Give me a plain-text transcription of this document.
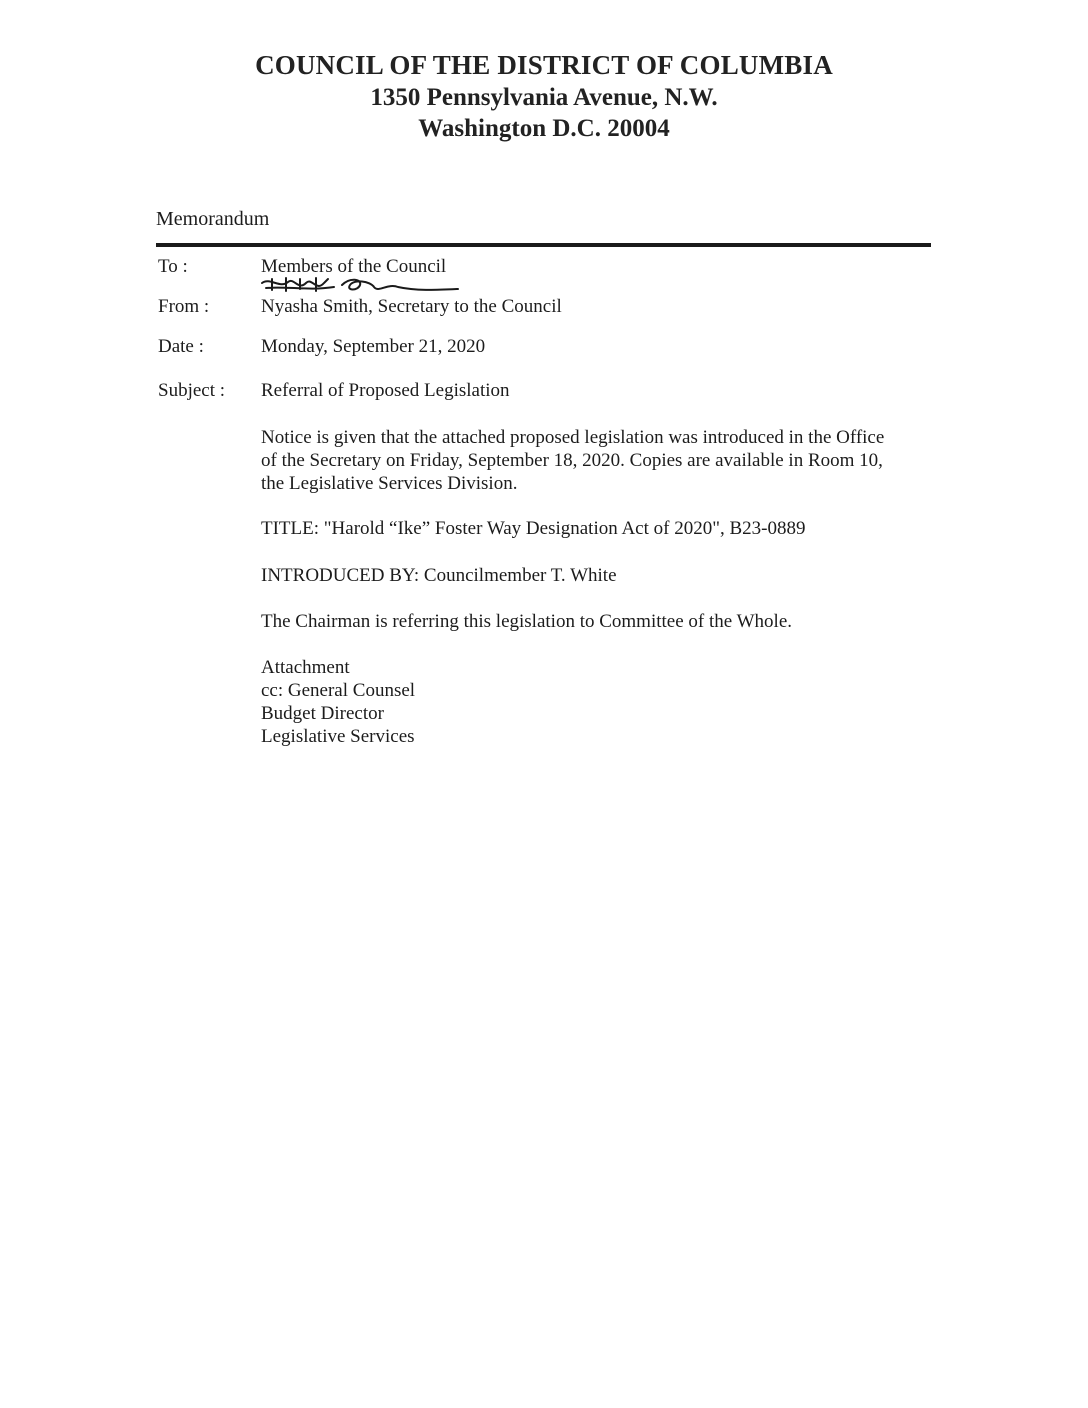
COUNCIL OF THE DISTRICT OF COLUMBIA
1350 Pennsylvania Avenue, N.W.
Washington D.C. 20004
Memorandum
To :	Members of the Council
From :	Nyasha Smith, Secretary to the Council
Date :	Monday, September 21, 2020
Subject : Referral of Proposed Legislation

Notice is given that the attached proposed legislation was introduced in the Office

of the Secretary on Friday, September 18, 2020. Copies are available in Room 10,

the Legislative Services Division.

TITLE: "Harold “Ike” Foster Way Designation Act of 2020", B23-0889

INTRODUCED BY: Councilmember T. White

The Chairman is referring this legislation to Committee of the Whole.

Attachment

cc: General Counsel
Budget Director
Legislative Services
